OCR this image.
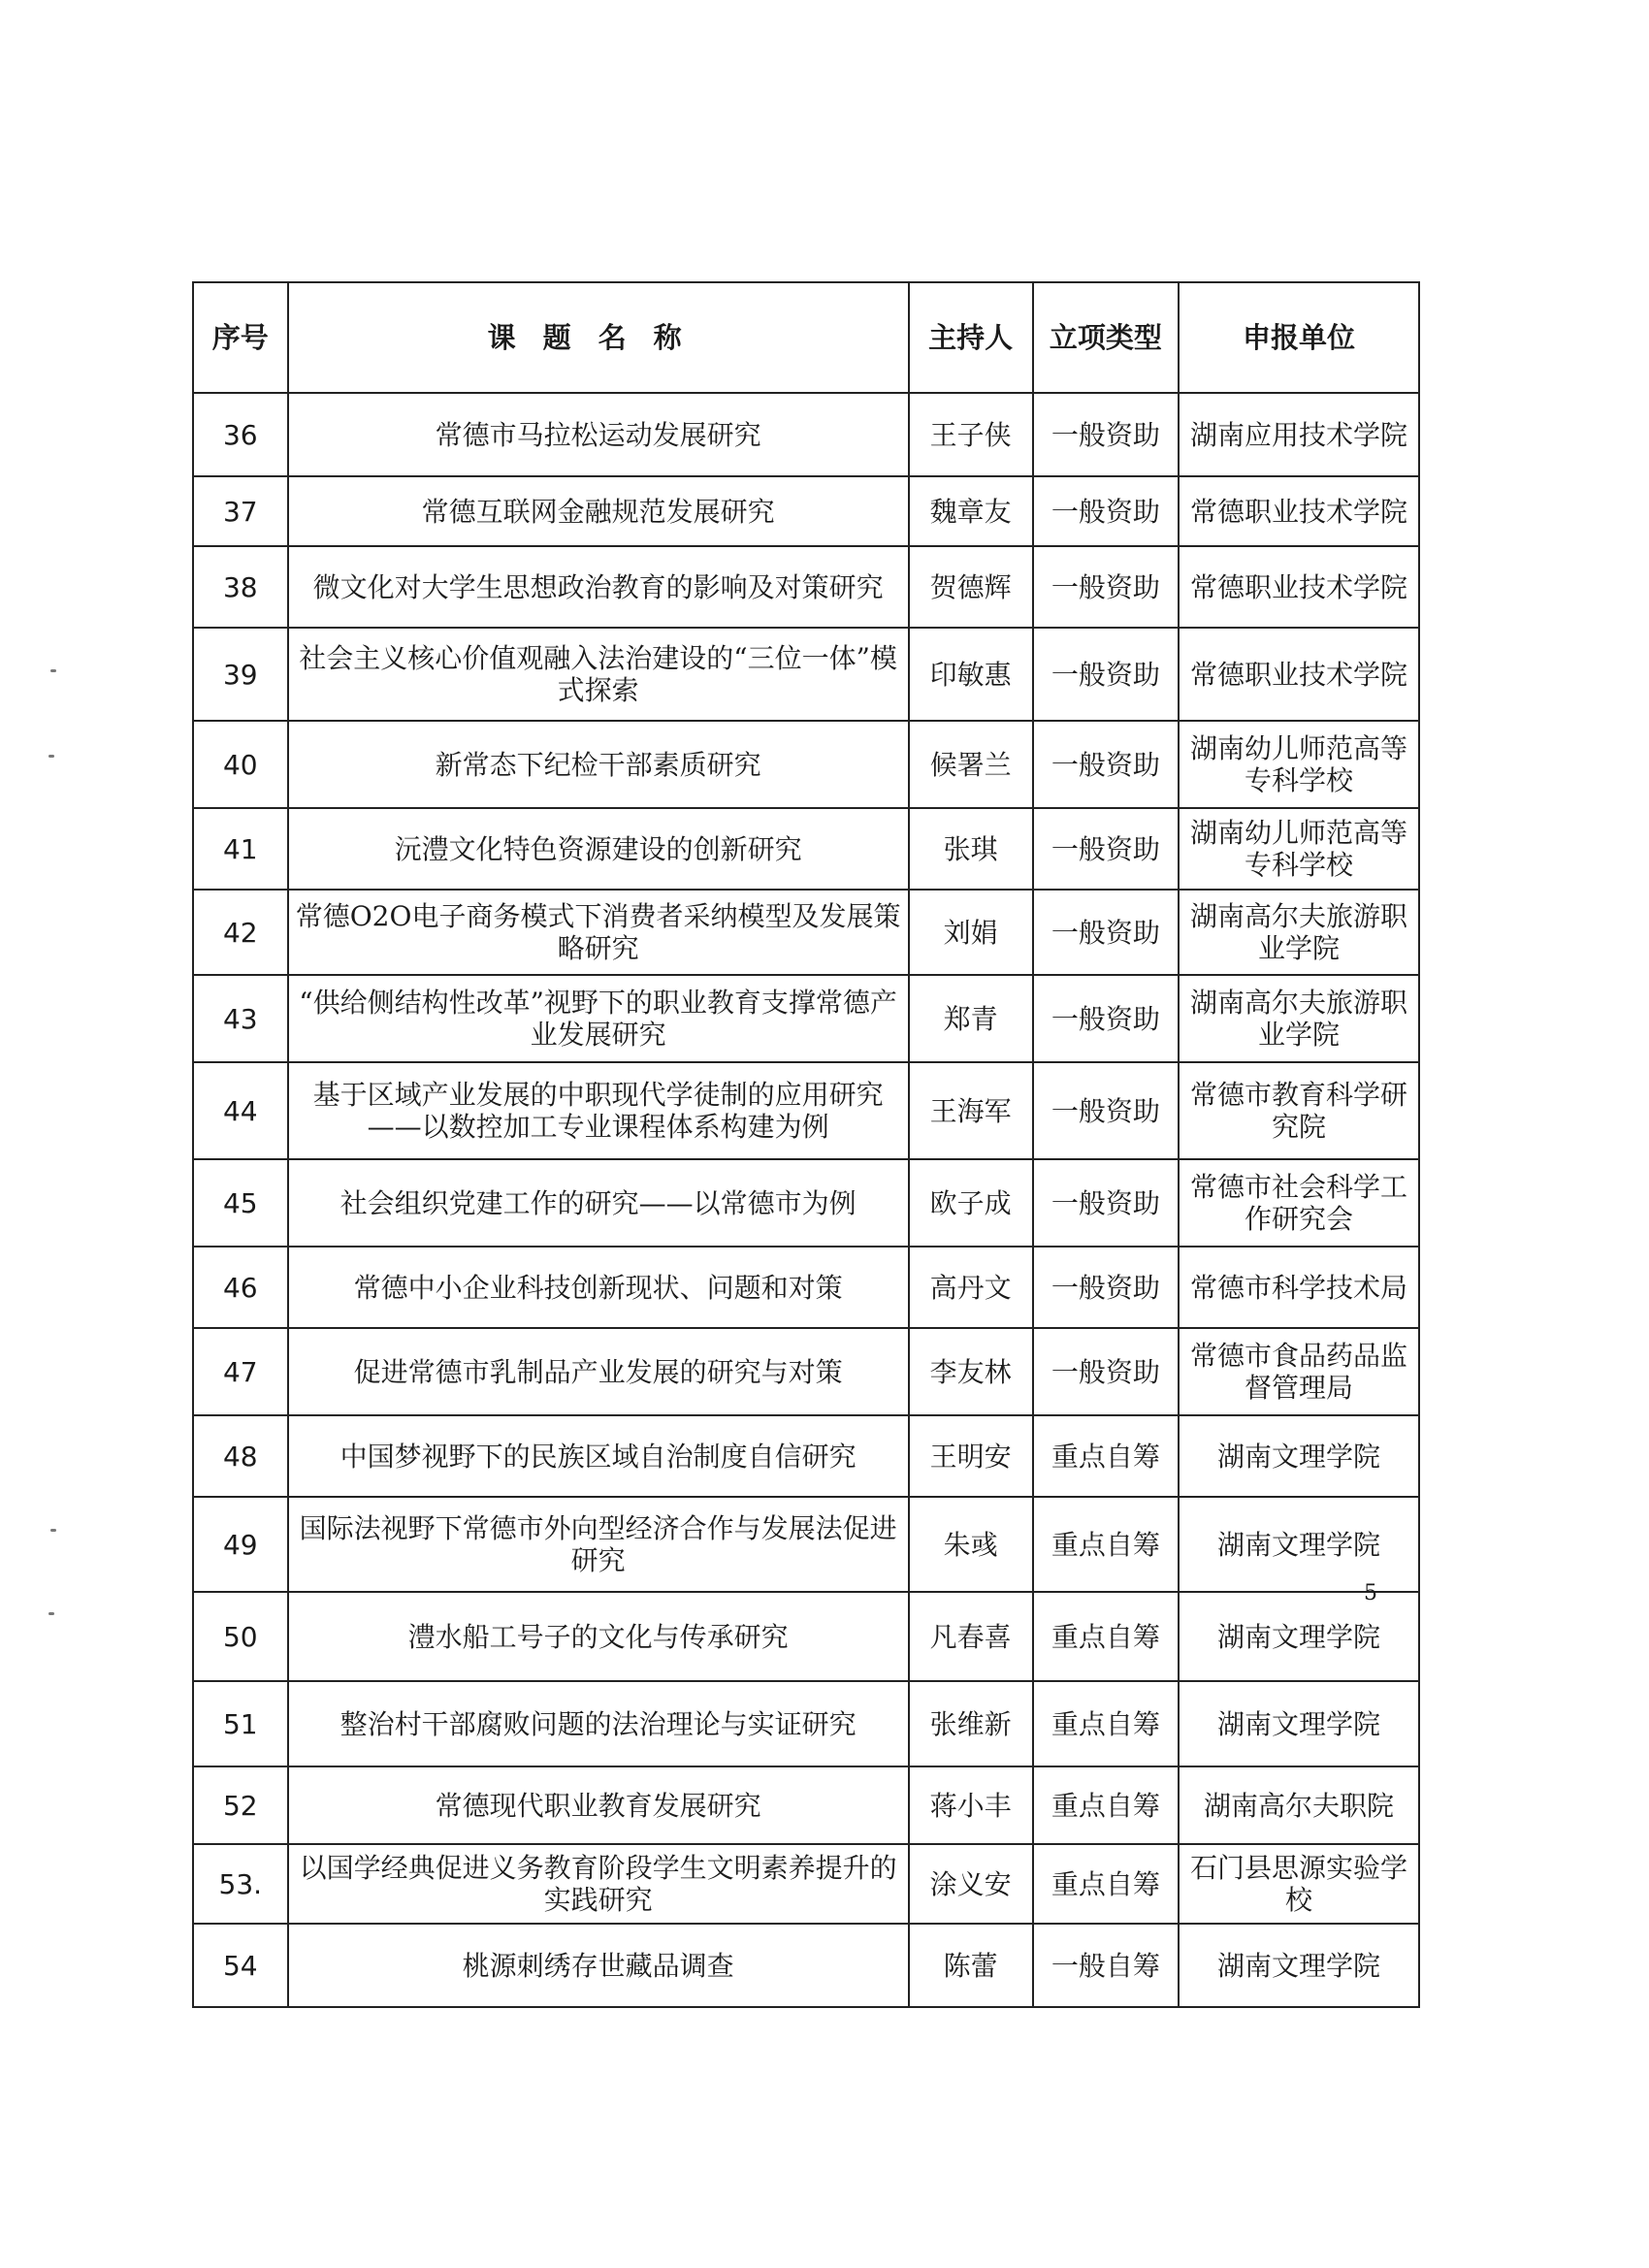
序号	课题名称	主持人	立项类型	申报单位
36	常德市马拉松运动发展研究	王子侠	一般资助	湖南应用技术学院
37	常德互联网金融规范发展研究	魏章友	一般资助	常德职业技术学院
38	微文化对大学生思想政治教育的影响及对策研究	贺德辉	一般资助	常德职业技术学院
39	社会主义核心价值观融入法治建设的“三位一体”模式探索	印敏惠	一般资助	常德职业技术学院
40	新常态下纪检干部素质研究	候署兰	一般资助	湖南幼儿师范高等专科学校
41	沅澧文化特色资源建设的创新研究	张琪	一般资助	湖南幼儿师范高等专科学校
42	常德O2O电子商务模式下消费者采纳模型及发展策略研究	刘娟	一般资助	湖南高尔夫旅游职业学院
43	“供给侧结构性改革”视野下的职业教育支撑常德产业发展研究	郑青	一般资助	湖南高尔夫旅游职业学院
44	基于区域产业发展的中职现代学徒制的应用研究——以数控加工专业课程体系构建为例	王海军	一般资助	常德市教育科学研究院
45	社会组织党建工作的研究——以常德市为例	欧子成	一般资助	常德市社会科学工作研究会
46	常德中小企业科技创新现状、问题和对策	高丹文	一般资助	常德市科学技术局
47	促进常德市乳制品产业发展的研究与对策	李友林	一般资助	常德市食品药品监督管理局
48	中国梦视野下的民族区域自治制度自信研究	王明安	重点自筹	湖南文理学院
49	国际法视野下常德市外向型经济合作与发展法促进研究	朱彧	重点自筹	湖南文理学院
50	澧水船工号子的文化与传承研究	凡春喜	重点自筹	湖南文理学院
51	整治村干部腐败问题的法治理论与实证研究	张维新	重点自筹	湖南文理学院
52	常德现代职业教育发展研究	蒋小丰	重点自筹	湖南高尔夫职院
53.	以国学经典促进义务教育阶段学生文明素养提升的实践研究	涂义安	重点自筹	石门县思源实验学校
54	桃源刺绣存世藏品调查	陈蕾	一般自筹	湖南文理学院
5
